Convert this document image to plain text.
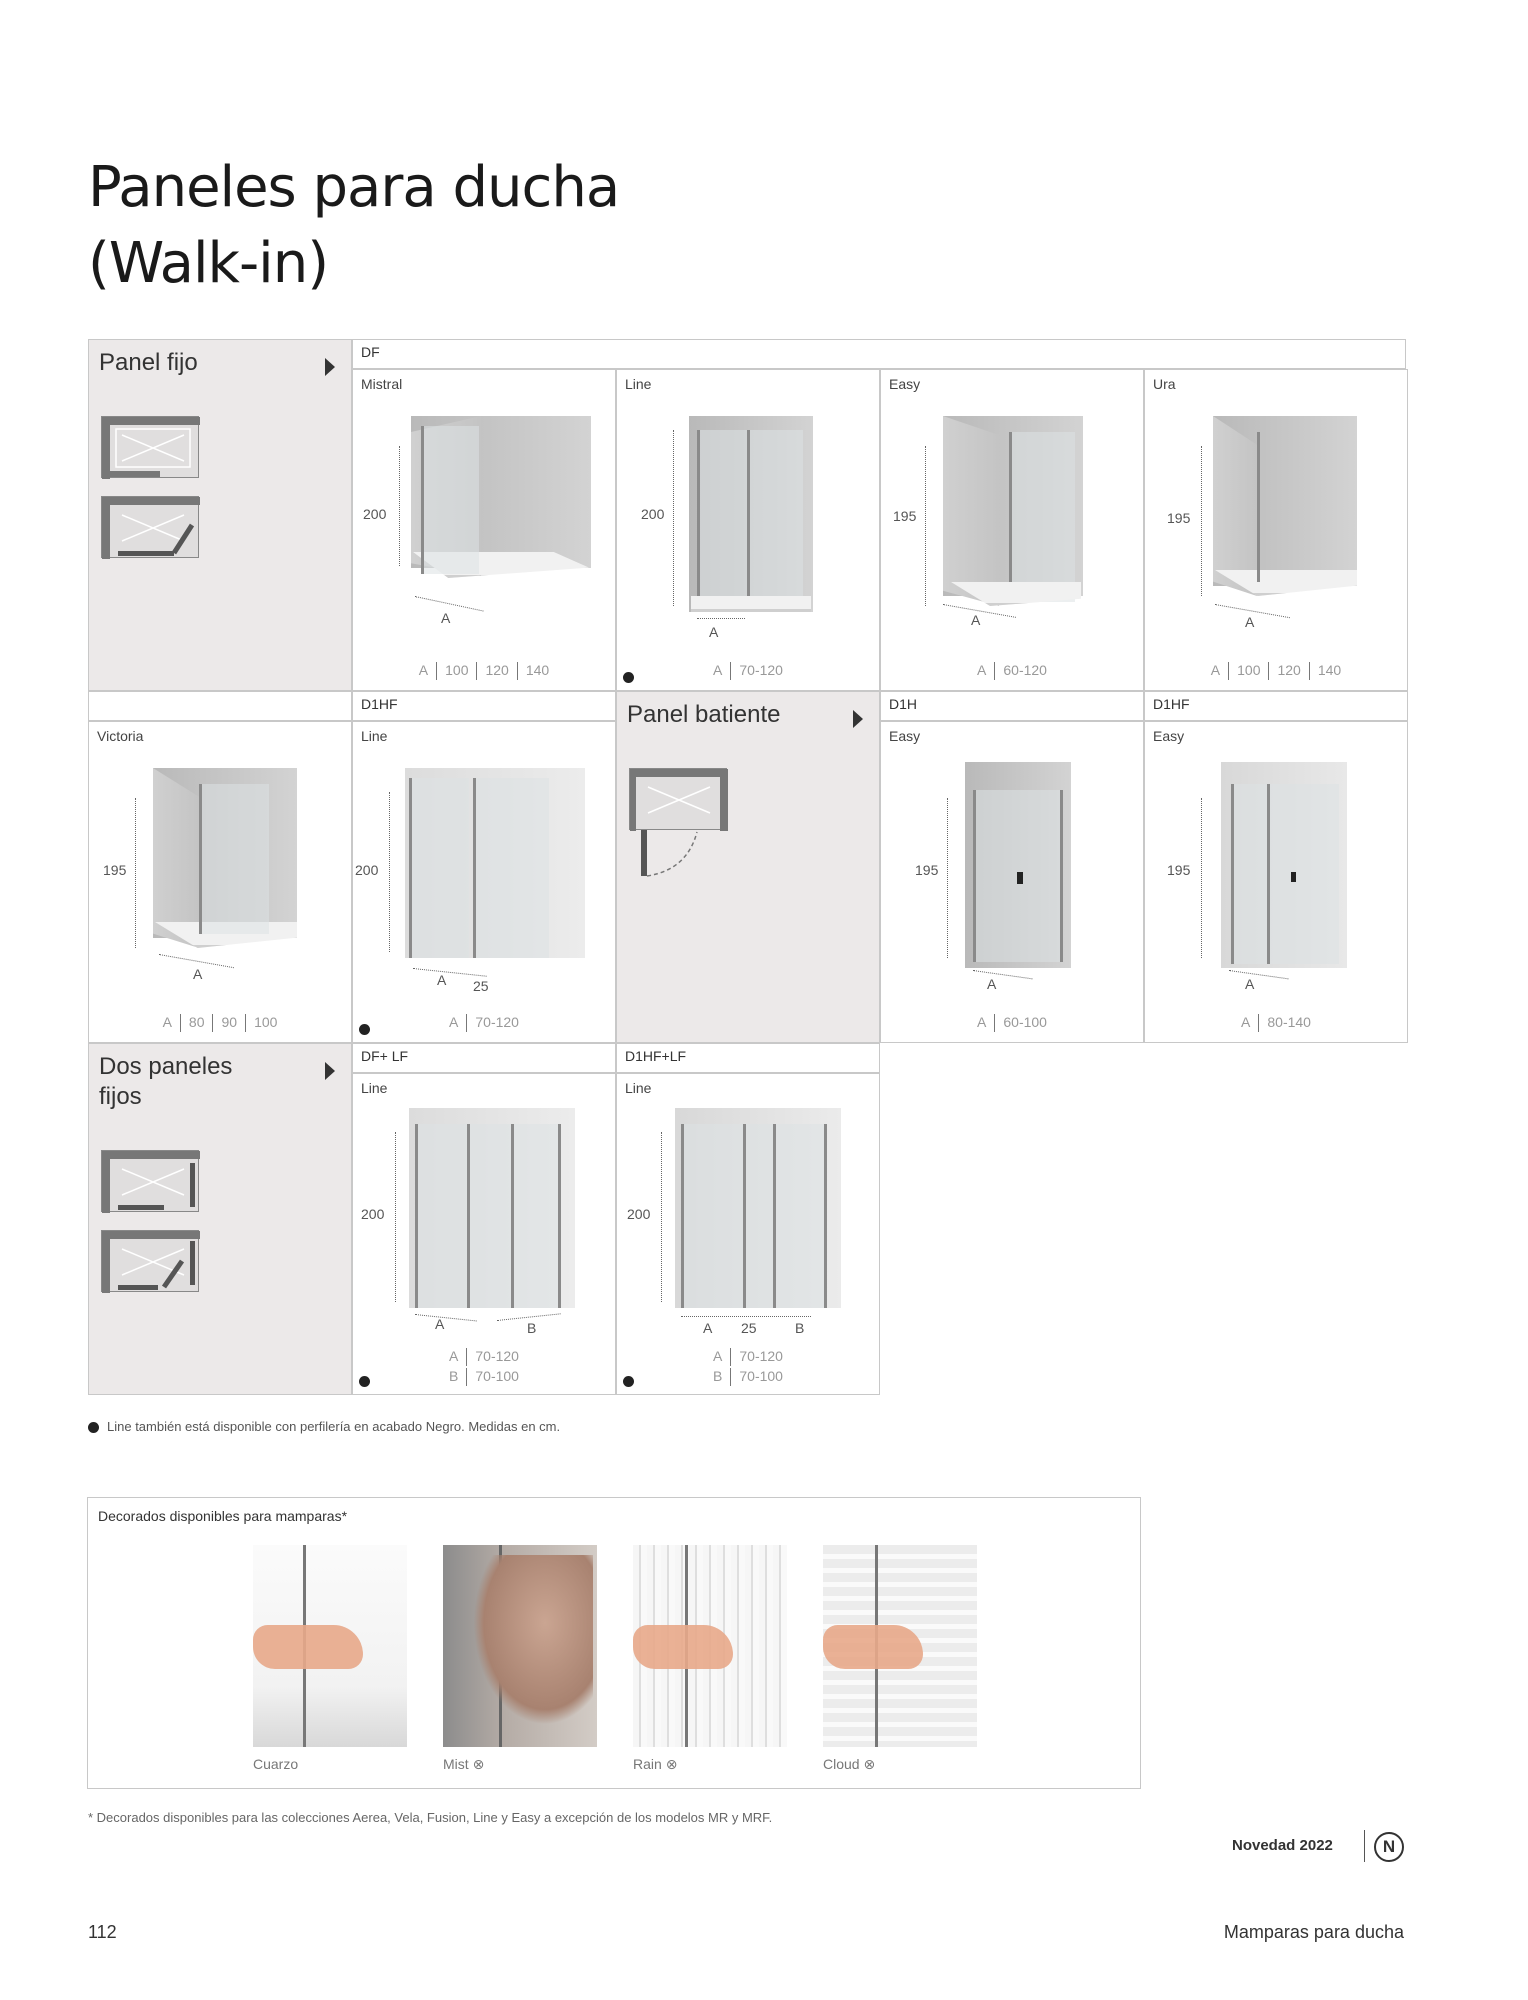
Paneles para ducha
(Walk-in)
Panel fijo	DF
Mistral
200
A
A 100 120 140
Line
200
A
A 70-120
Easy
195
A
A 60-120
Ura
195
A
A 100 120 140
D1HF
Victoria
195
A
A 80 90 100
Line
200
A 25
A 70-120
Panel batiente	D1H	D1HF
Easy
195
A
A 60-100
Easy
195
A
A 80-140
Dos paneles fijos
DF+ LF	D1HF+LF
Line
200
A	B
A 70-120
B 70-100
Line
200
A 25	B
A 70-120
B 70-100
Line también está disponible con perfilería en acabado Negro. Medidas en cm.
Decorados disponibles para mamparas*
Cuarzo	Mist ⊗	Rain ⊗	Cloud ⊗
* Decorados disponibles para las colecciones Aerea, Vela, Fusion, Line y Easy a excepción de los modelos MR y MRF.
Novedad 2022	N
112	Mamparas para ducha
